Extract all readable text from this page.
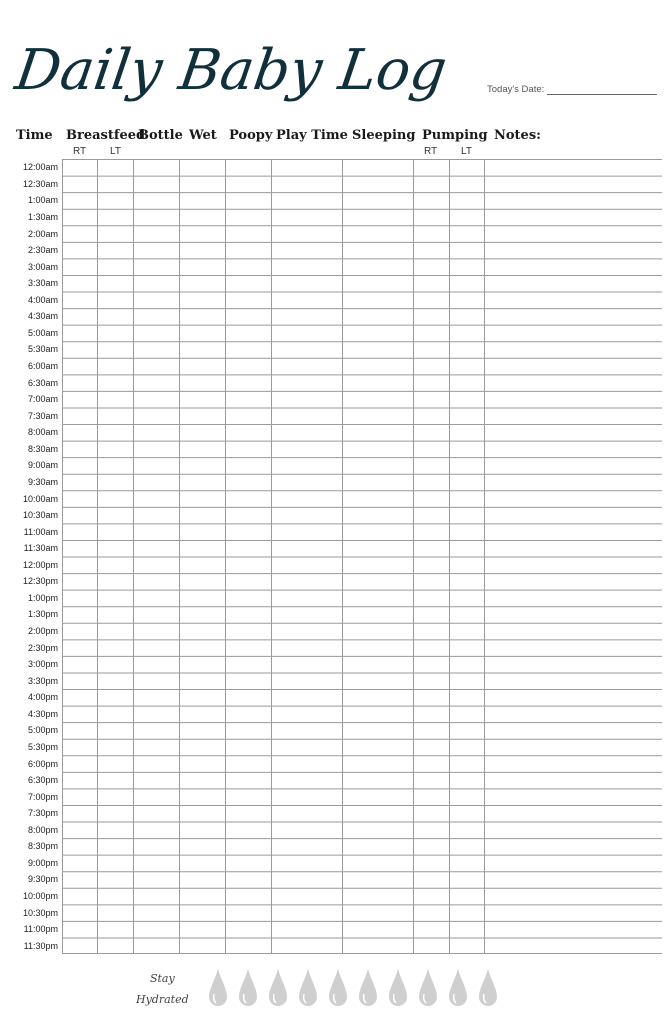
Daily Baby Log	Today's Date:
Time Breastfeed
Bottle Wet Poopy Play Time Sleeping Pumping Notes:
RT LT	RT LT
12:00am
12:30am
1:00am
1:30am
2:00am
2:30am
3:00am
3:30am
4:00am
4:30am
5:00am
5:30am
6:00am
6:30am
7:00am
7:30am
8:00am
8:30am
9:00am
9:30am
10:00am
10:30am
11:00am
11:30am
12:00pm
12:30pm
1:00pm
1:30pm
2:00pm
2:30pm
3:00pm
3:30pm
4:00pm
4:30pm
5:00pm
5:30pm
6:00pm
6:30pm
7:00pm
7:30pm
8:00pm
8:30pm
9:00pm
9:30pm
10:00pm
10:30pm
11:00pm
11:30pm
Stay
Hydrated
